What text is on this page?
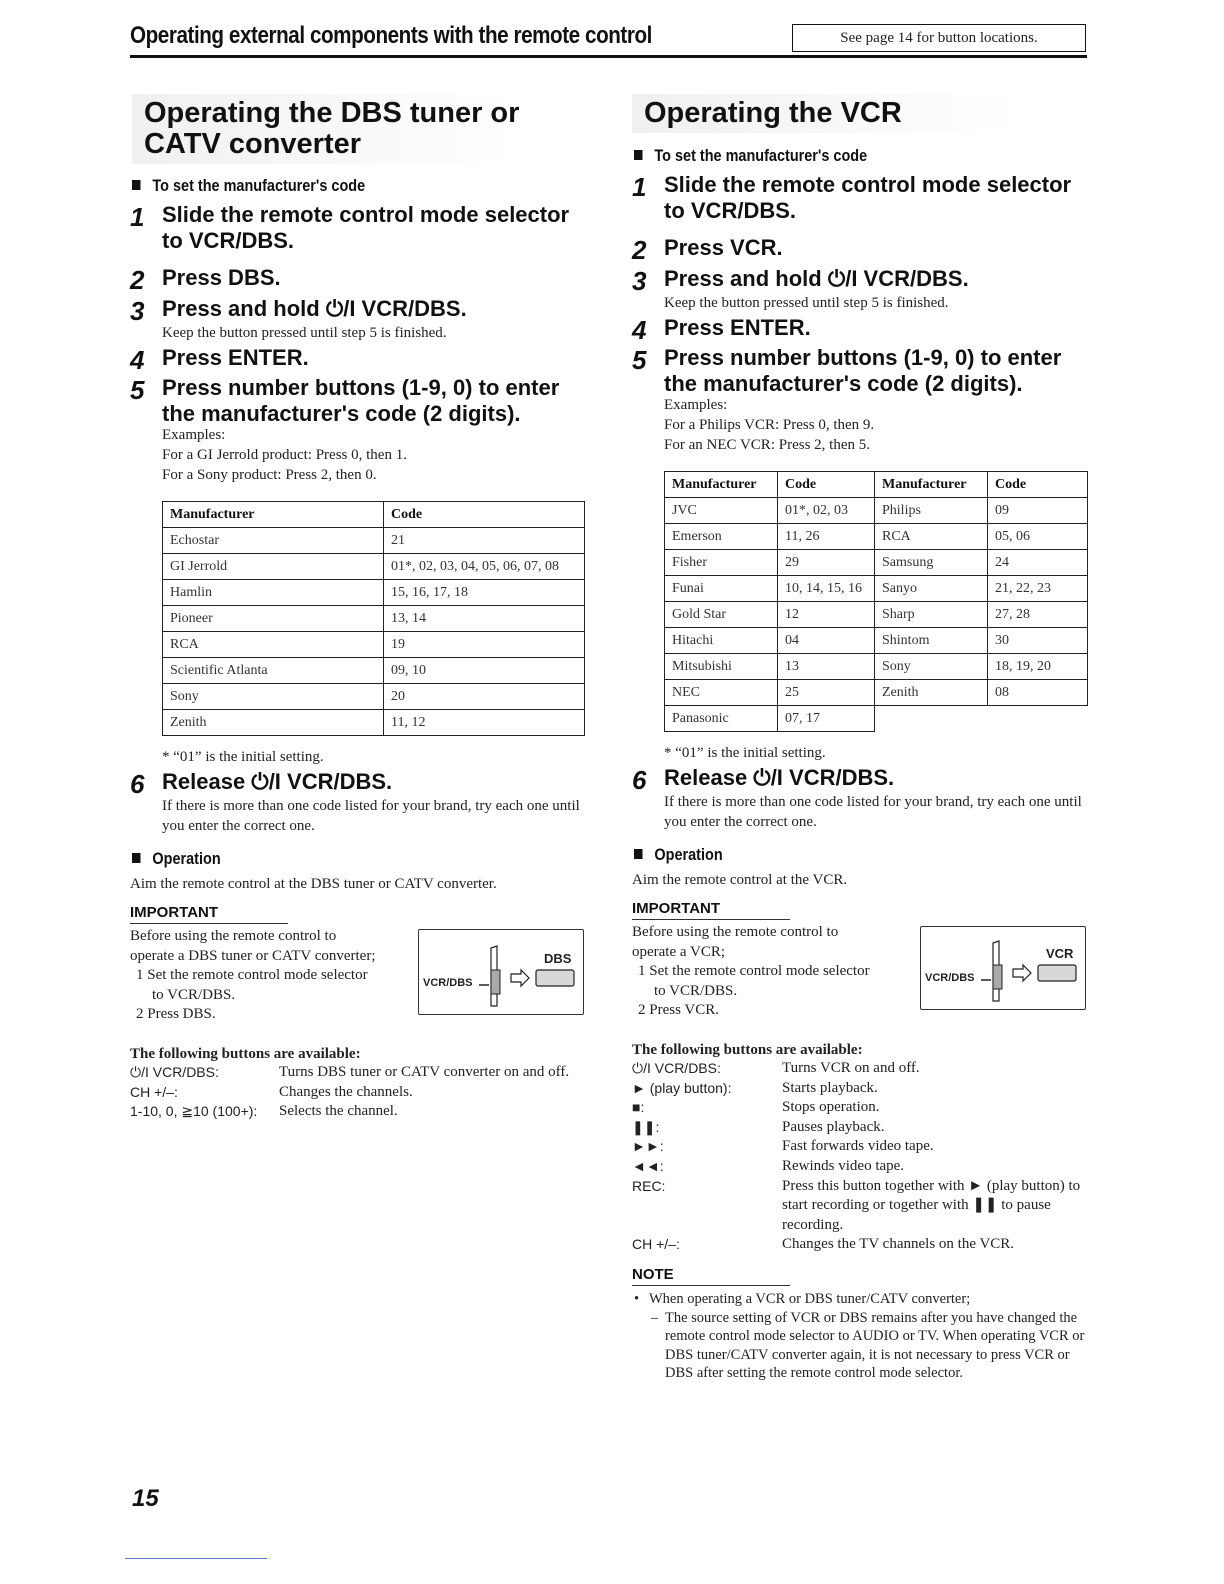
Operating external components with the remote control	See page 14 for button locations.
Operating the DBS tuner or
CATV converter
To set the manufacturer's code
1 Slide the remote control mode selector to VCR/DBS.
2 Press DBS.
3 Press and hold ⏻/I VCR/DBS.
Keep the button pressed until step 5 is finished.
4 Press ENTER.
5 Press number buttons (1-9, 0) to enter the manufacturer's code (2 digits).
Examples:
For a GI Jerrold product: Press 0, then 1.
For a Sony product: Press 2, then 0.
Manufacturer	Code
Echostar	21
GI Jerrold	01*, 02, 03, 04, 05, 06, 07, 08
Hamlin	15, 16, 17, 18
Pioneer	13, 14
RCA	19
Scientific Atlanta	09, 10
Sony	20
Zenith	11, 12
* “01” is the initial setting.
6 Release ⏻/I VCR/DBS.
If there is more than one code listed for your brand, try each one until you enter the correct one.
Operation
Aim the remote control at the DBS tuner or CATV converter.
IMPORTANT
Before using the remote control to
operate a DBS tuner or CATV converter;
1 Set the remote control mode selector
to VCR/DBS.
2 Press DBS.
VCR/DBS
DBS
The following buttons are available:
⏻/I VCR/DBS:	Turns DBS tuner or CATV converter on and off.
CH +/–:	Changes the channels.
1-10, 0, ≧10 (100+):	Selects the channel.
Operating the VCR
To set the manufacturer's code
1 Slide the remote control mode selector to VCR/DBS.
2 Press VCR.
3 Press and hold ⏻/I VCR/DBS.
Keep the button pressed until step 5 is finished.
4 Press ENTER.
5 Press number buttons (1-9, 0) to enter the manufacturer's code (2 digits).
Examples:
For a Philips VCR: Press 0, then 9.
For an NEC VCR: Press 2, then 5.
Manufacturer	Code	Manufacturer	Code
JVC	01*, 02, 03	Philips	09
Emerson	11, 26	RCA	05, 06
Fisher	29	Samsung	24
Funai	10, 14, 15, 16	Sanyo	21, 22, 23
Gold Star	12	Sharp	27, 28
Hitachi	04	Shintom	30
Mitsubishi	13	Sony	18, 19, 20
NEC	25	Zenith	08
Panasonic	07, 17		
* “01” is the initial setting.
6 Release ⏻/I VCR/DBS.
If there is more than one code listed for your brand, try each one until you enter the correct one.
Operation
Aim the remote control at the VCR.
IMPORTANT
Before using the remote control to
operate a VCR;
1 Set the remote control mode selector
to VCR/DBS.
2 Press VCR.
VCR/DBS
VCR
The following buttons are available:
⏻/I VCR/DBS:	Turns VCR on and off.
► (play button):	Starts playback.
■:	Stops operation.
❚❚:	Pauses playback.
►►:	Fast forwards video tape.
◄◄:	Rewinds video tape.
REC:	Press this button together with ► (play button) to start recording or together with ❚❚ to pause recording.
CH +/–:	Changes the TV channels on the VCR.
NOTE
• When operating a VCR or DBS tuner/CATV converter;
– The source setting of VCR or DBS remains after you have changed the remote control mode selector to AUDIO or TV. When operating VCR or DBS tuner/CATV converter again, it is not necessary to press VCR or DBS after setting the remote control mode selector.
15
